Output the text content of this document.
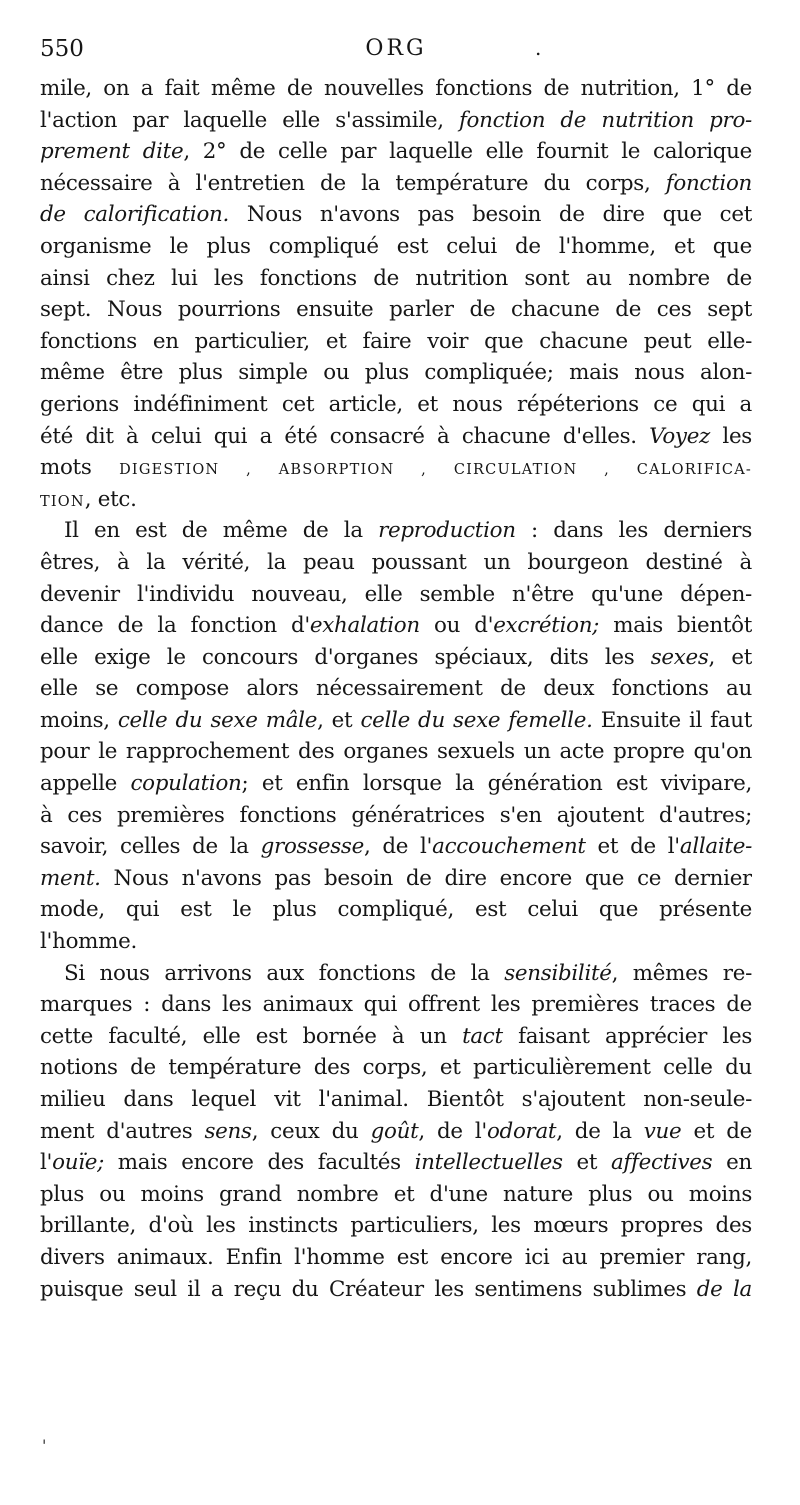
550	ORG	.
mile, on a fait même de nouvelles fonctions de nutrition, 1° de
l'action par laquelle elle s'assimile, fonction de nutrition pro-
prement dite, 2° de celle par laquelle elle fournit le calorique
nécessaire à l'entretien de la température du corps, fonction
de calorification. Nous n'avons pas besoin de dire que cet
organisme le plus compliqué est celui de l'homme, et que
ainsi chez lui les fonctions de nutrition sont au nombre de
sept. Nous pourrions ensuite parler de chacune de ces sept
fonctions en particulier, et faire voir que chacune peut elle-
même être plus simple ou plus compliquée; mais nous alon-
gerions indéfiniment cet article, et nous répéterions ce qui a
été dit à celui qui a été consacré à chacune d'elles. Voyez les
mots DIGESTION , ABSORPTION , CIRCULATION , CALORIFICA-
TION, etc.
Il en est de même de la reproduction : dans les derniers
êtres, à la vérité, la peau poussant un bourgeon destiné à
devenir l'individu nouveau, elle semble n'être qu'une dépen-
dance de la fonction d'exhalation ou d'excrétion; mais bientôt
elle exige le concours d'organes spéciaux, dits les sexes, et
elle se compose alors nécessairement de deux fonctions au
moins, celle du sexe mâle, et celle du sexe femelle. Ensuite il faut
pour le rapprochement des organes sexuels un acte propre qu'on
appelle copulation; et enfin lorsque la génération est vivipare,
à ces premières fonctions génératrices s'en ajoutent d'autres;
savoir, celles de la grossesse, de l'accouchement et de l'allaite-
ment. Nous n'avons pas besoin de dire encore que ce dernier
mode, qui est le plus compliqué, est celui que présente
l'homme.
Si nous arrivons aux fonctions de la sensibilité, mêmes re-
marques : dans les animaux qui offrent les premières traces de
cette faculté, elle est bornée à un tact faisant apprécier les
notions de température des corps, et particulièrement celle du
milieu dans lequel vit l'animal. Bientôt s'ajoutent non-seule-
ment d'autres sens, ceux du goût, de l'odorat, de la vue et de
l'ouïe; mais encore des facultés intellectuelles et affectives en
plus ou moins grand nombre et d'une nature plus ou moins
brillante, d'où les instincts particuliers, les mœurs propres des
divers animaux. Enfin l'homme est encore ici au premier rang,
puisque seul il a reçu du Créateur les sentimens sublimes de la
'
